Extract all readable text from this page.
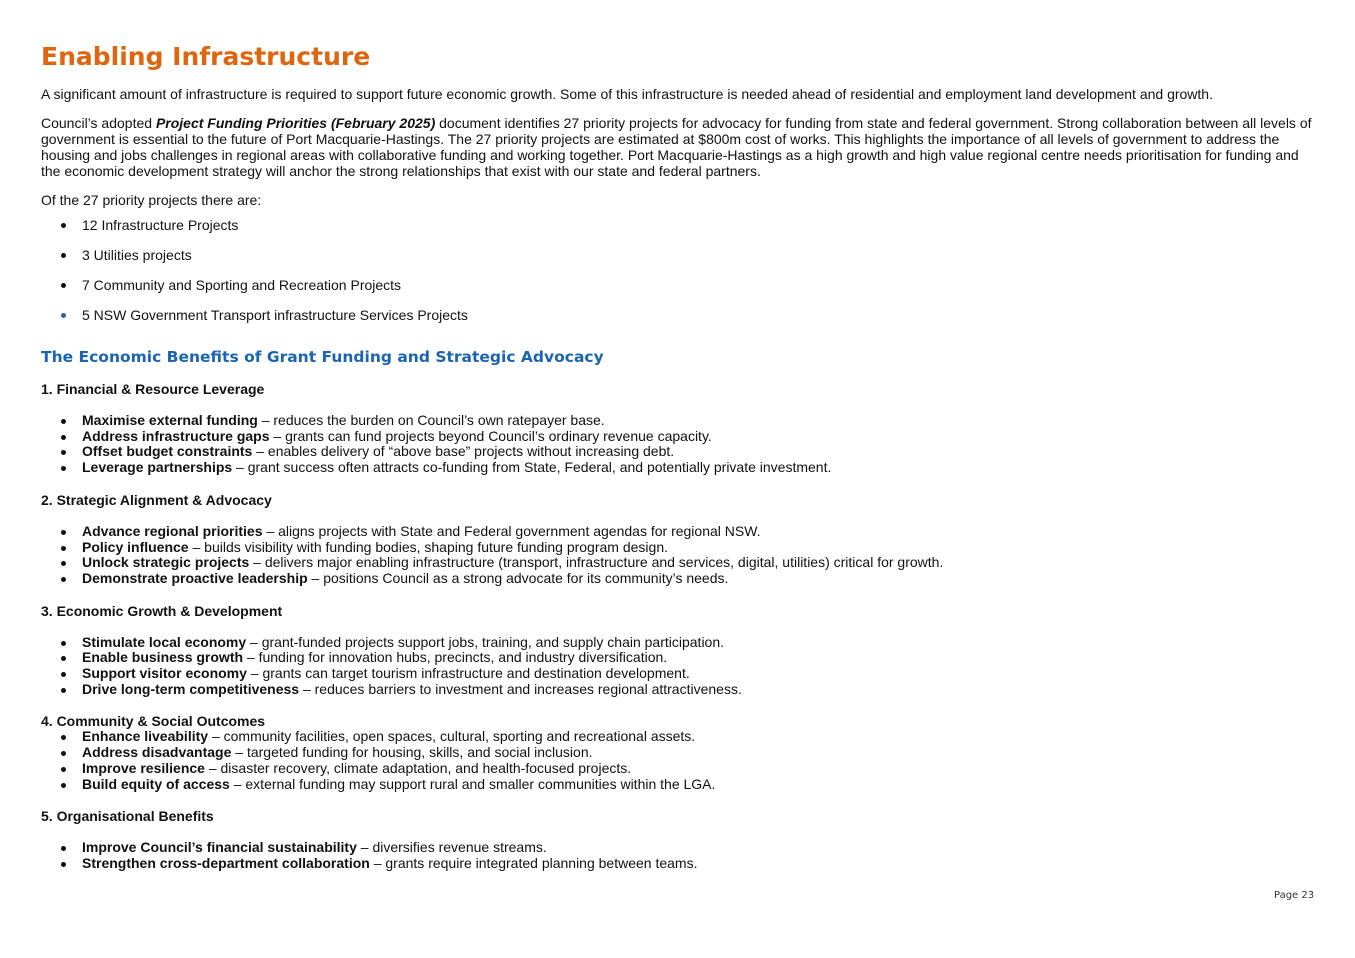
Enabling Infrastructure

A significant amount of infrastructure is required to support future economic growth. Some of this infrastructure is needed ahead of residential and employment land development and growth.

Council’s adopted Project Funding Priorities (February 2025) document identifies 27 priority projects for advocacy for funding from state and federal government. Strong collaboration between all levels of government is essential to the future of Port Macquarie-Hastings. The 27 priority projects are estimated at $800m cost of works. This highlights the importance of all levels of government to address the housing and jobs challenges in regional areas with collaborative funding and working together. Port Macquarie-Hastings as a high growth and high value regional centre needs prioritisation for funding and the economic development strategy will anchor the strong relationships that exist with our state and federal partners.

Of the 27 priority projects there are:

12 Infrastructure Projects
3 Utilities projects
7 Community and Sporting and Recreation Projects
5 NSW Government Transport infrastructure Services Projects
The Economic Benefits of Grant Funding and Strategic Advocacy
1. Financial & Resource Leverage
Maximise external funding – reduces the burden on Council’s own ratepayer base.
Address infrastructure gaps – grants can fund projects beyond Council’s ordinary revenue capacity.
Offset budget constraints – enables delivery of “above base” projects without increasing debt.
Leverage partnerships – grant success often attracts co-funding from State, Federal, and potentially private investment.
2. Strategic Alignment & Advocacy
Advance regional priorities – aligns projects with State and Federal government agendas for regional NSW.
Policy influence – builds visibility with funding bodies, shaping future funding program design.
Unlock strategic projects – delivers major enabling infrastructure (transport, infrastructure and services, digital, utilities) critical for growth.
Demonstrate proactive leadership – positions Council as a strong advocate for its community’s needs.
3. Economic Growth & Development
Stimulate local economy – grant-funded projects support jobs, training, and supply chain participation.
Enable business growth – funding for innovation hubs, precincts, and industry diversification.
Support visitor economy – grants can target tourism infrastructure and destination development.
Drive long-term competitiveness – reduces barriers to investment and increases regional attractiveness.
4. Community & Social Outcomes
Enhance liveability – community facilities, open spaces, cultural, sporting and recreational assets.
Address disadvantage – targeted funding for housing, skills, and social inclusion.
Improve resilience – disaster recovery, climate adaptation, and health-focused projects.
Build equity of access – external funding may support rural and smaller communities within the LGA.
5. Organisational Benefits
Improve Council’s financial sustainability – diversifies revenue streams.
Strengthen cross-department collaboration – grants require integrated planning between teams.
Page 23
